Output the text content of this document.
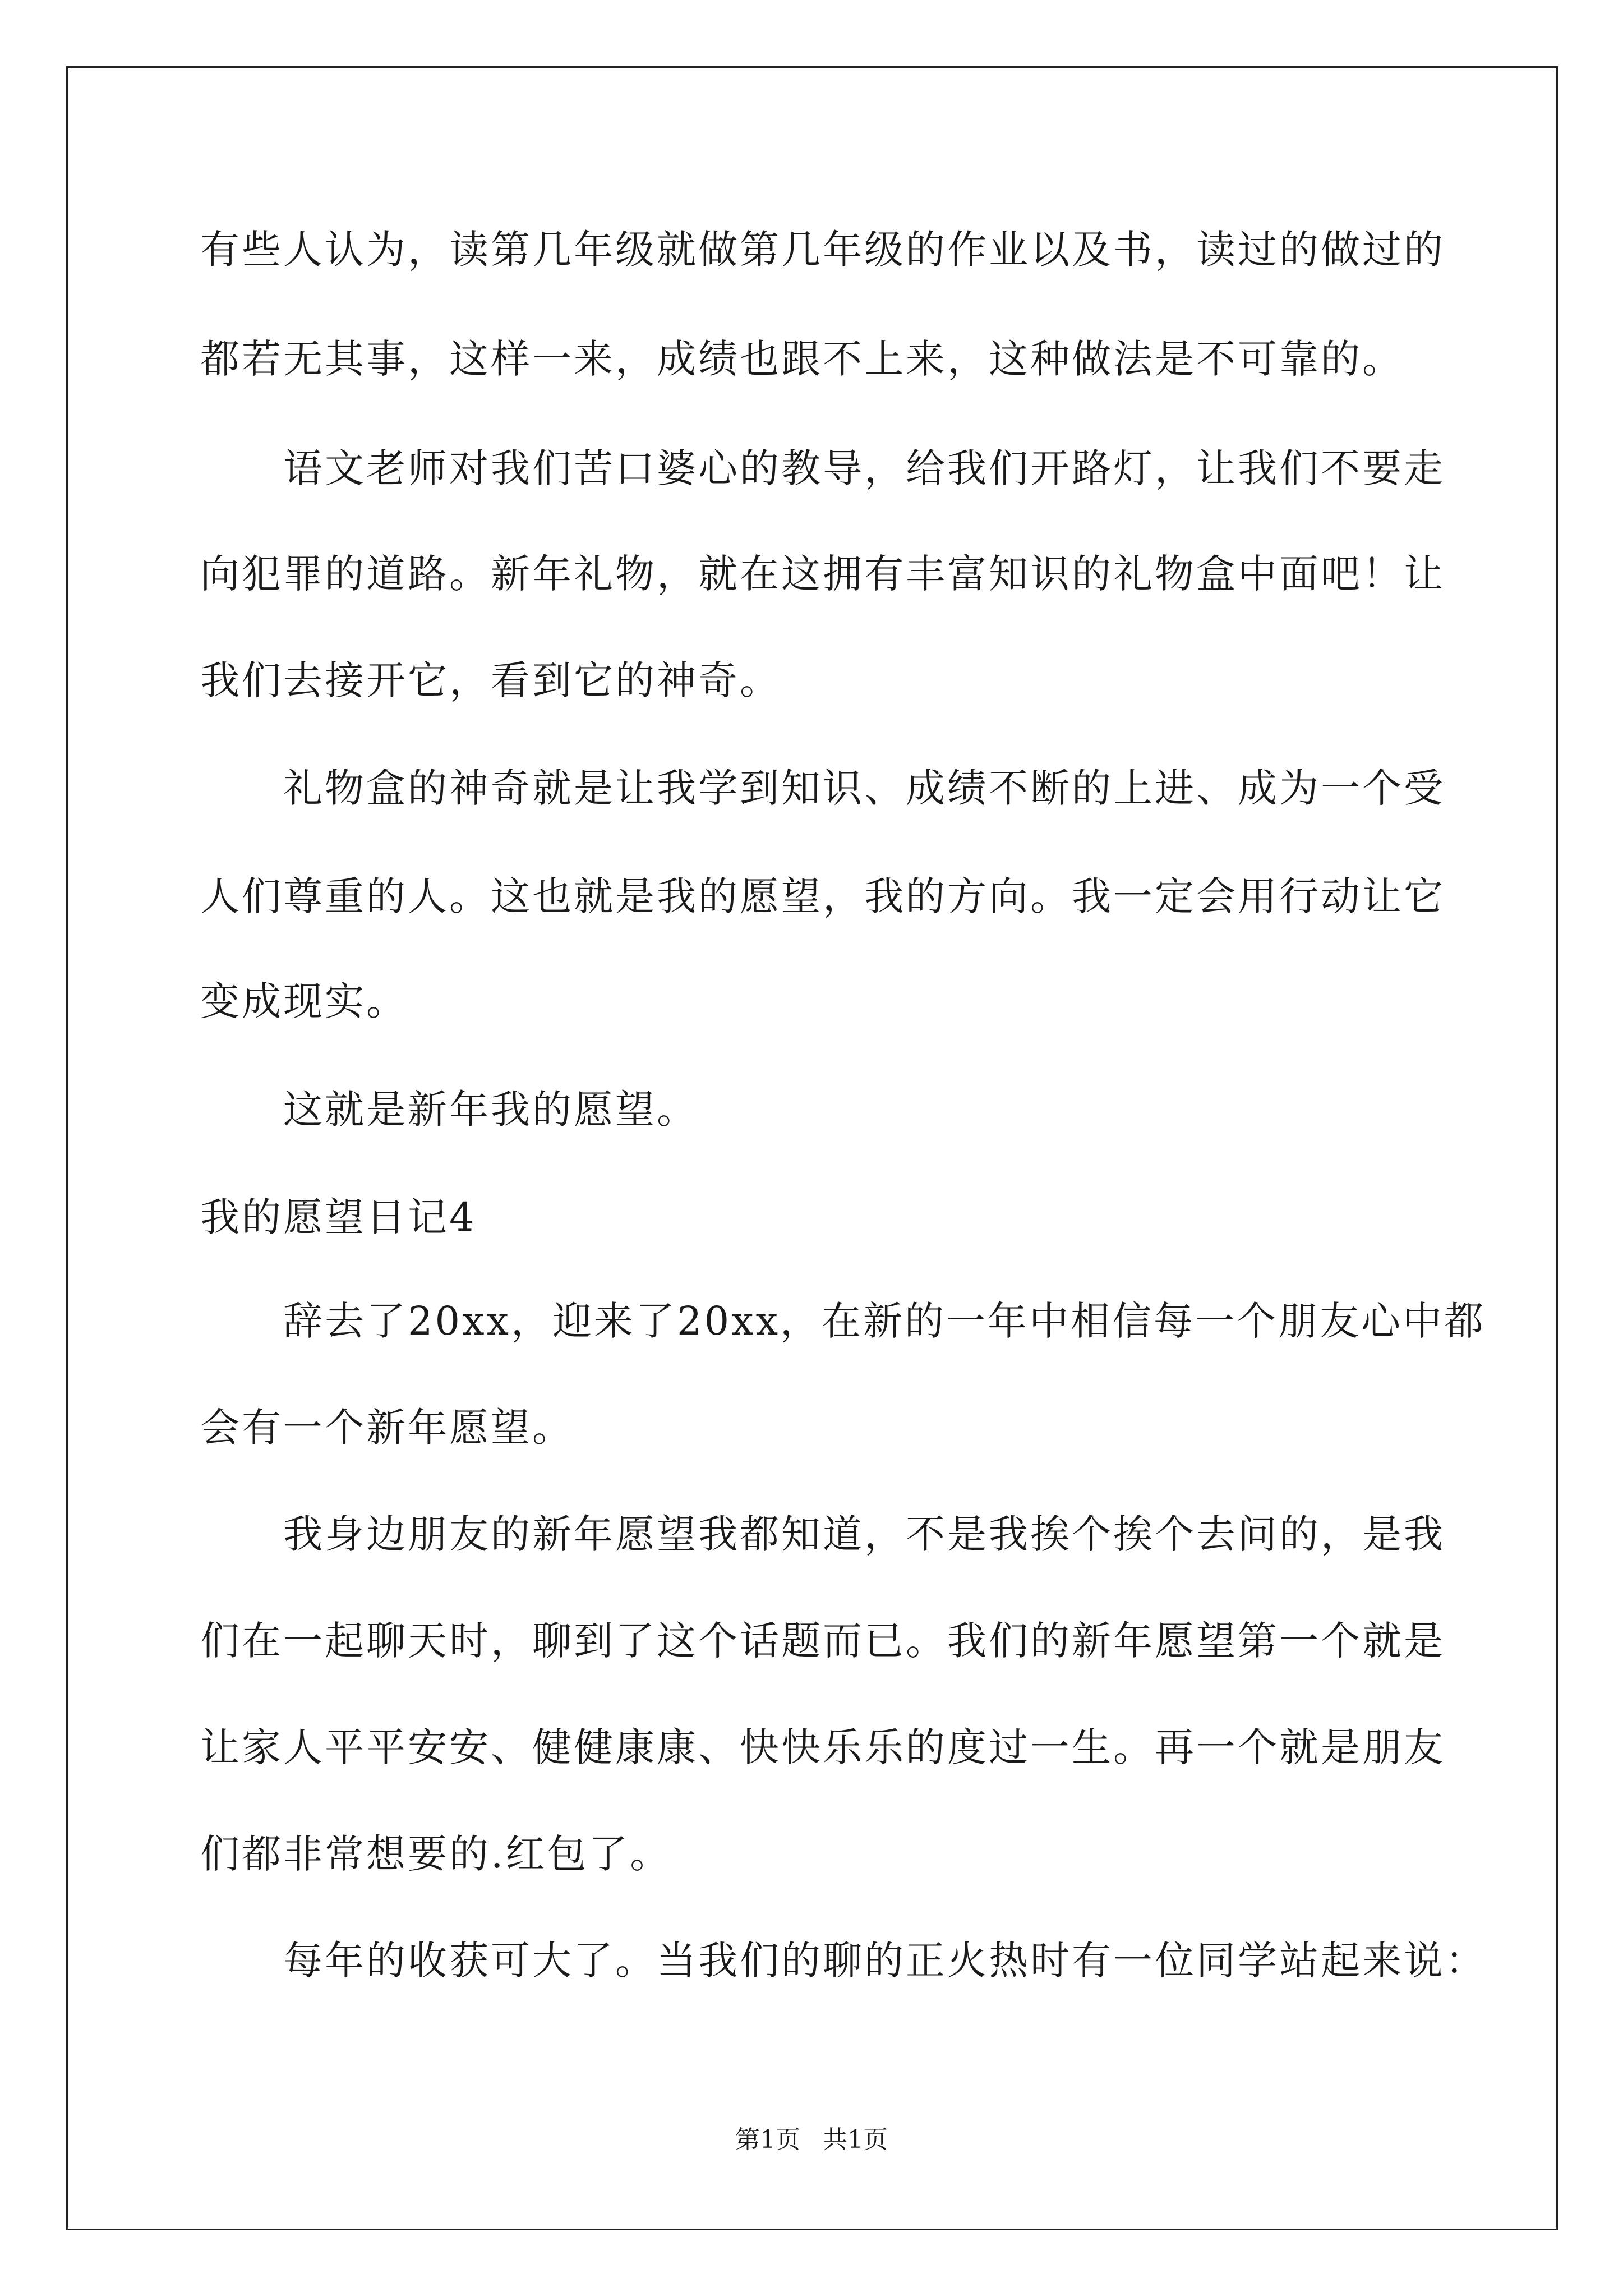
有些人认为，读第几年级就做第几年级的作业以及书，读过的做过的
都若无其事，这样一来，成绩也跟不上来，这种做法是不可靠的。
　　语文老师对我们苦口婆心的教导，给我们开路灯，让我们不要走
向犯罪的道路。新年礼物，就在这拥有丰富知识的礼物盒中面吧！让
我们去接开它，看到它的神奇。
　　礼物盒的神奇就是让我学到知识、成绩不断的上进、成为一个受
人们尊重的人。这也就是我的愿望，我的方向。我一定会用行动让它
变成现实。
　　这就是新年我的愿望。
我的愿望日记4
　　辞去了20xx，迎来了20xx，在新的一年中相信每一个朋友心中都
会有一个新年愿望。
　　我身边朋友的新年愿望我都知道，不是我挨个挨个去问的，是我
们在一起聊天时，聊到了这个话题而已。我们的新年愿望第一个就是
让家人平平安安、健健康康、快快乐乐的度过一生。再一个就是朋友
们都非常想要的.红包了。
　　每年的收获可大了。当我们的聊的正火热时有一位同学站起来说：
第1页 共1页
